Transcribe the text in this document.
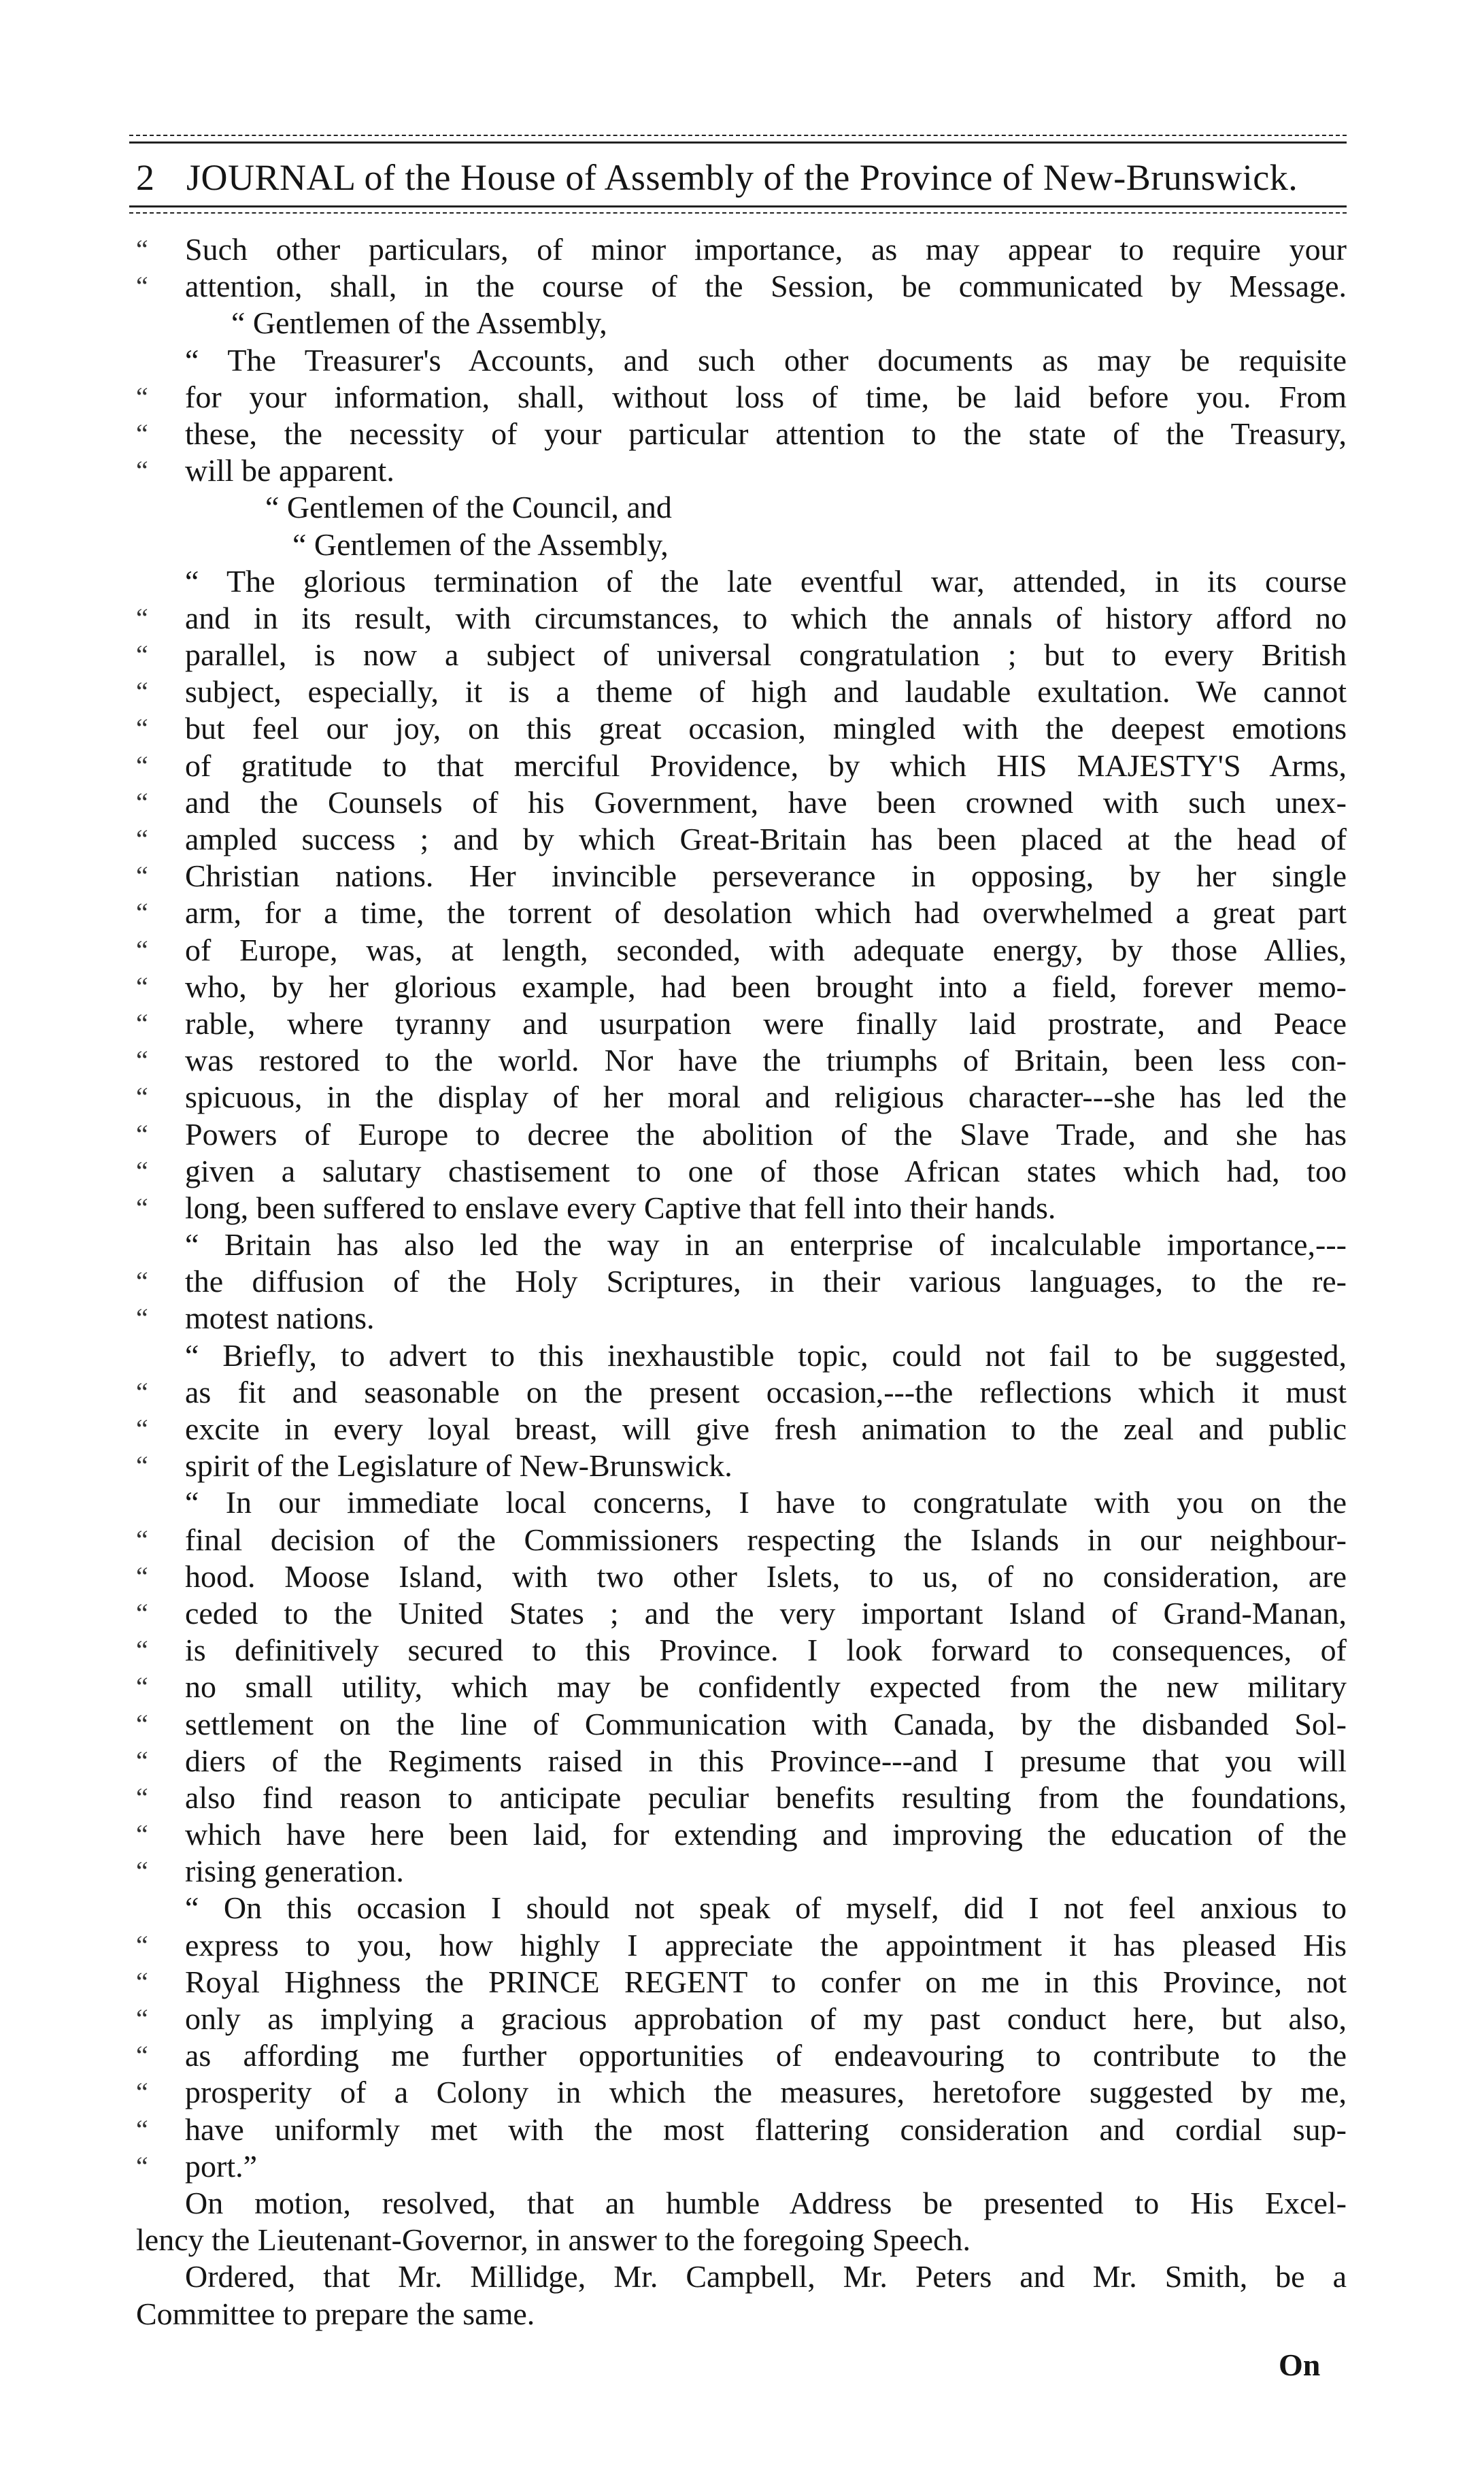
2 JOURNAL of the House of Assembly of the Province of New-Brunswick.
“	Such other particulars, of minor importance, as may appear to require your
“	attention, shall, in the course of the Session, be communicated by Message.
“ Gentlemen of the Assembly,
“ The Treasurer's Accounts, and such other documents as may be requisite
“	for your information, shall, without loss of time, be laid before you. From
“	these, the necessity of your particular attention to the state of the Treasury,
“	will be apparent.
“ Gentlemen of the Council, and
“ Gentlemen of the Assembly,
“ The glorious termination of the late eventful war, attended, in its course
“	and in its result, with circumstances, to which the annals of history afford no
“	parallel, is now a subject of universal congratulation ; but to every British
“	subject, especially, it is a theme of high and laudable exultation. We cannot
“	but feel our joy, on this great occasion, mingled with the deepest emotions
“	of gratitude to that merciful Providence, by which HIS MAJESTY'S Arms,
“	and the Counsels of his Government, have been crowned with such unex-
“	ampled success ; and by which Great-Britain has been placed at the head of
“	Christian nations. Her invincible perseverance in opposing, by her single
“	arm, for a time, the torrent of desolation which had overwhelmed a great part
“	of Europe, was, at length, seconded, with adequate energy, by those Allies,
“	who, by her glorious example, had been brought into a field, forever memo-
“	rable, where tyranny and usurpation were finally laid prostrate, and Peace
“	was restored to the world. Nor have the triumphs of Britain, been less con-
“	spicuous, in the display of her moral and religious character---she has led the
“	Powers of Europe to decree the abolition of the Slave Trade, and she has
“	given a salutary chastisement to one of those African states which had, too
“	long, been suffered to enslave every Captive that fell into their hands.
“ Britain has also led the way in an enterprise of incalculable importance,---
“	the diffusion of the Holy Scriptures, in their various languages, to the re-
“	motest nations.
“ Briefly, to advert to this inexhaustible topic, could not fail to be suggested,
“	as fit and seasonable on the present occasion,---the reflections which it must
“	excite in every loyal breast, will give fresh animation to the zeal and public
“	spirit of the Legislature of New-Brunswick.
“ In our immediate local concerns, I have to congratulate with you on the
“	final decision of the Commissioners respecting the Islands in our neighbour-
“	hood. Moose Island, with two other Islets, to us, of no consideration, are
“	ceded to the United States ; and the very important Island of Grand-Manan,
“	is definitively secured to this Province. I look forward to consequences, of
“	no small utility, which may be confidently expected from the new military
“	settlement on the line of Communication with Canada, by the disbanded Sol-
“	diers of the Regiments raised in this Province---and I presume that you will
“	also find reason to anticipate peculiar benefits resulting from the foundations,
“	which have here been laid, for extending and improving the education of the
“	rising generation.
“ On this occasion I should not speak of myself, did I not feel anxious to
“	express to you, how highly I appreciate the appointment it has pleased His
“	Royal Highness the PRINCE REGENT to confer on me in this Province, not
“	only as implying a gracious approbation of my past conduct here, but also,
“	as affording me further opportunities of endeavouring to contribute to the
“	prosperity of a Colony in which the measures, heretofore suggested by me,
“	have uniformly met with the most flattering consideration and cordial sup-
“	port.”
On motion, resolved, that an humble Address be presented to His Excel-
lency the Lieutenant-Governor, in answer to the foregoing Speech.
Ordered, that Mr. Millidge, Mr. Campbell, Mr. Peters and Mr. Smith, be a
Committee to prepare the same.
On
